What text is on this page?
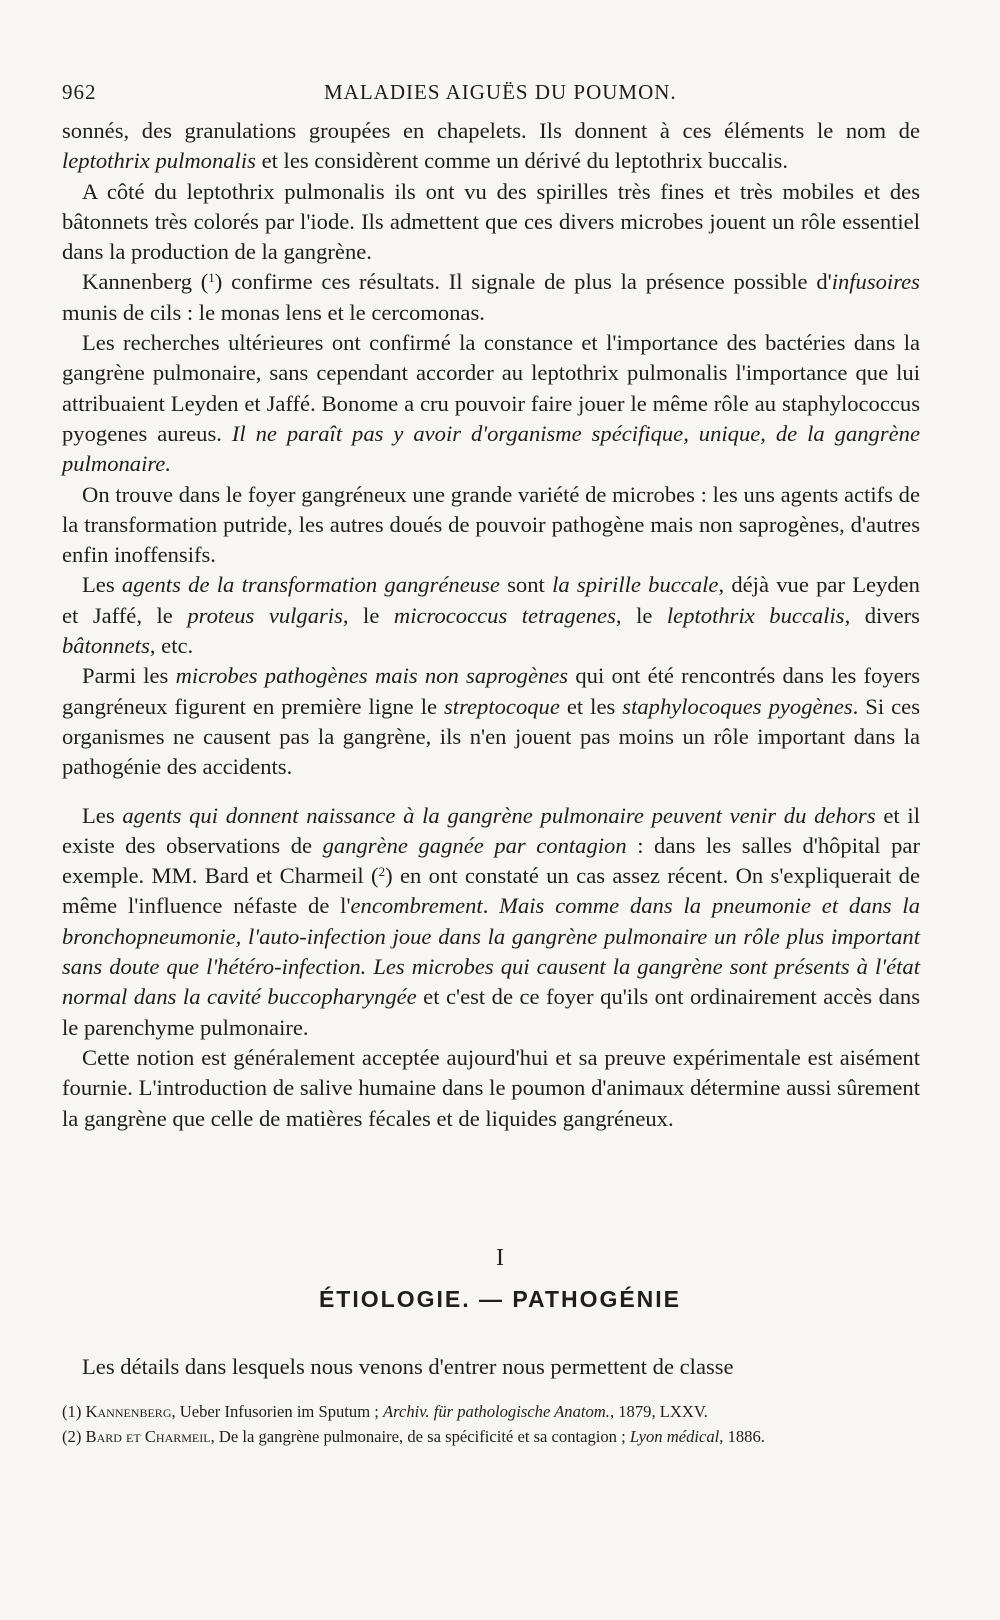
962	MALADIES AIGUËS DU POUMON.

sonnés, des granulations groupées en chapelets. Ils donnent à ces éléments le nom de leptothrix pulmonalis et les considèrent comme un dérivé du leptothrix buccalis.

A côté du leptothrix pulmonalis ils ont vu des spirilles très fines et très mobiles et des bâtonnets très colorés par l'iode. Ils admettent que ces divers microbes jouent un rôle essentiel dans la production de la gangrène.

Kannenberg ($^1$) confirme ces résultats. Il signale de plus la présence possible d'infusoires munis de cils : le monas lens et le cercomonas.

Les recherches ultérieures ont confirmé la constance et l'importance des bactéries dans la gangrène pulmonaire, sans cependant accorder au leptothrix pulmonalis l'importance que lui attribuaient Leyden et Jaffé. Bonome a cru pouvoir faire jouer le même rôle au staphylococcus pyogenes aureus. Il ne paraît pas y avoir d'organisme spécifique, unique, de la gangrène pulmonaire.

On trouve dans le foyer gangréneux une grande variété de microbes : les uns agents actifs de la transformation putride, les autres doués de pouvoir pathogène mais non saprogènes, d'autres enfin inoffensifs.

Les agents de la transformation gangréneuse sont la spirille buccale, déjà vue par Leyden et Jaffé, le proteus vulgaris, le micrococcus tetragenes, le leptothrix buccalis, divers bâtonnets, etc.

Parmi les microbes pathogènes mais non saprogènes qui ont été rencontrés dans les foyers gangréneux figurent en première ligne le streptocoque et les staphylocoques pyogènes. Si ces organismes ne causent pas la gangrène, ils n'en jouent pas moins un rôle important dans la pathogénie des accidents.

Les agents qui donnent naissance à la gangrène pulmonaire peuvent venir du dehors et il existe des observations de gangrène gagnée par contagion : dans les salles d'hôpital par exemple. MM. Bard et Charmeil ($^2$) en ont constaté un cas assez récent. On s'expliquerait de même l'influence néfaste de l'encombrement. Mais comme dans la pneumonie et dans la bronchopneumonie, l'auto-infection joue dans la gangrène pulmonaire un rôle plus important sans doute que l'hétéro-infection. Les microbes qui causent la gangrène sont présents à l'état normal dans la cavité buccopharyngée et c'est de ce foyer qu'ils ont ordinairement accès dans le parenchyme pulmonaire.

Cette notion est généralement acceptée aujourd'hui et sa preuve expérimentale est aisément fournie. L'introduction de salive humaine dans le poumon d'animaux détermine aussi sûrement la gangrène que celle de matières fécales et de liquides gangréneux.

I
ÉTIOLOGIE. — PATHOGÉNIE
Les détails dans lesquels nous venons d'entrer nous permettent de classe

(1) Kannenberg, Ueber Infusorien im Sputum ; Archiv. für pathologische Anatom., 1879, LXXV.

(2) Bard et Charmeil, De la gangrène pulmonaire, de sa spécificité et sa contagion ; Lyon médical, 1886.
